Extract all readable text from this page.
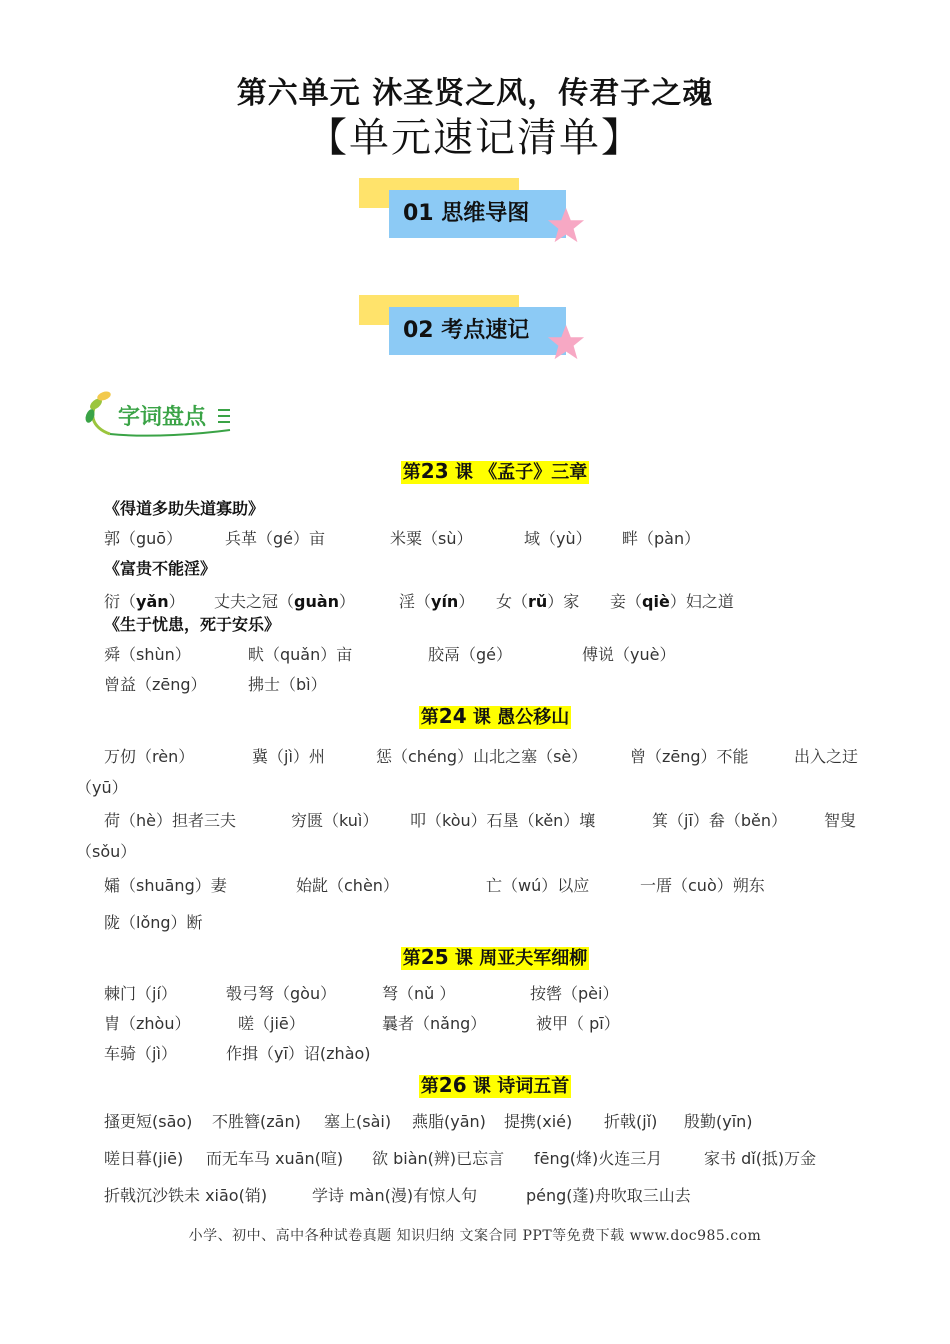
第六单元 沐圣贤之风，传君子之魂
【单元速记清单】
01 思维导图
02 考点速记
字词盘点
第23 课 《孟子》三章
《得道多助失道寡助》
郭（guō）	兵革（gé）亩	米粟（sù）	域（yù） 畔（pàn）
《富贵不能淫》
衍（yǎn） 丈夫之冠（guàn）	淫（yín） 女（rǔ）家 妾（qiè）妇之道
《生于忧患，死于安乐》
舜（shùn）	畎（quǎn）亩	胶鬲（gé）	傅说（yuè）
曾益（zēng）	拂士（bì）
第24 课 愚公移山
万仞（rèn）	冀（jì）州	惩（chéng）山北之塞（sè）	曾（zēng）不能	出入之迂
（yū）
荷（hè）担者三夫	穷匮（kuì） 叩（kòu）石垦（kěn）壤	箕（jī）畚（běn） 智叟
（sǒu）
孀（shuāng）妻	始龀（chèn）	亡（wú）以应	一厝（cuò）朔东
陇（lǒng）断
第25 课 周亚夫军细柳
棘门（jí）	彀弓弩（gòu）	弩（nǔ ）	按辔（pèi）
胄（zhòu）	嗟（jiē）	曩者（nǎng）	被甲（ pī）
车骑（jì）	作揖（yī）诏(zhào)
第26 课 诗词五首
搔更短(sāo) 不胜簪(zān) 塞上(sài) 燕脂(yān) 提携(xié) 折戟(jǐ) 殷勤(yīn)
嗟日暮(jiē) 而无车马 xuān(喧) 欲 biàn(辨)已忘言 fēng(烽)火连三月	家书 dǐ(抵)万金
折戟沉沙铁未 xiāo(销)	学诗 màn(漫)有惊人句	péng(蓬)舟吹取三山去
小学、初中、高中各种试卷真题 知识归纳 文案合同 PPT等免费下载 www.doc985.com
